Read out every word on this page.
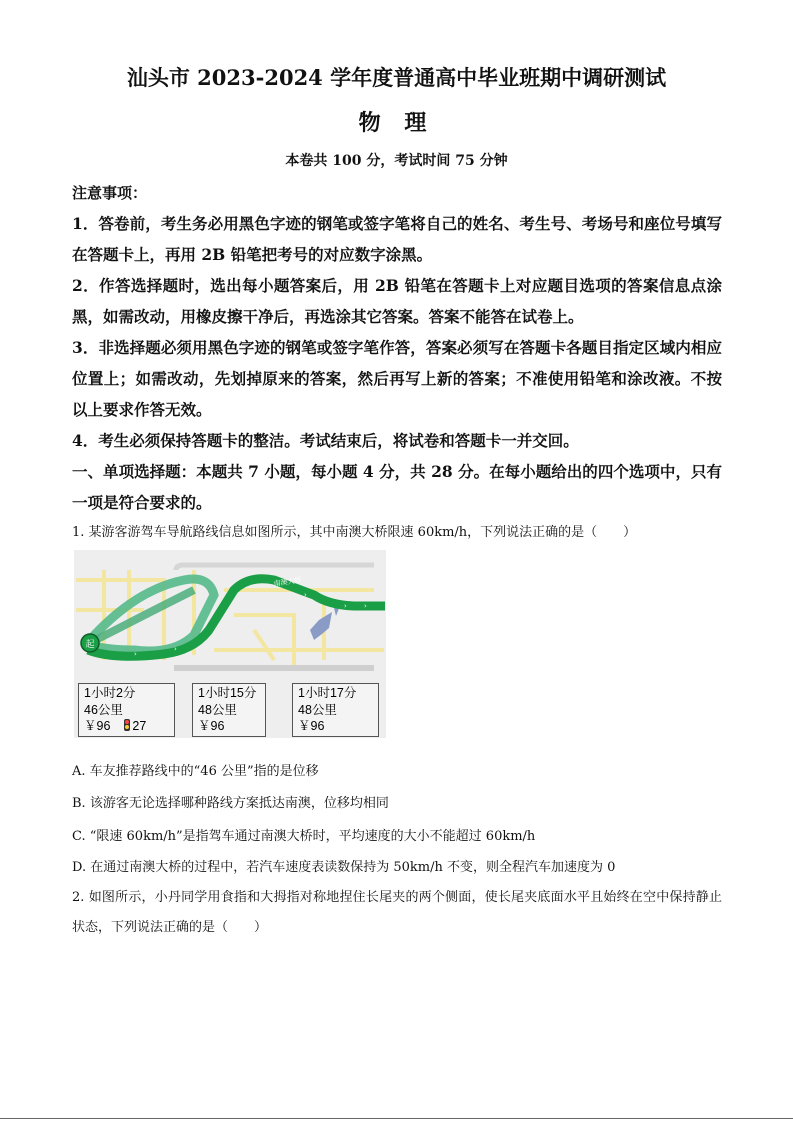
汕头市 2023-2024 学年度普通高中毕业班期中调研测试
物 理
本卷共 100 分，考试时间 75 分钟
注意事项：
1．答卷前，考生务必用黑色字迹的钢笔或签字笔将自己的姓名、考生号、考场号和座位号填写在答题卡上，再用 2B 铅笔把考号的对应数字涂黑。
2．作答选择题时，选出每小题答案后，用 2B 铅笔在答题卡上对应题目选项的答案信息点涂黑，如需改动，用橡皮擦干净后，再选涂其它答案。答案不能答在试卷上。
3．非选择题必须用黑色字迹的钢笔或签字笔作答，答案必须写在答题卡各题目指定区域内相应位置上；如需改动，先划掉原来的答案，然后再写上新的答案；不准使用铅笔和涂改液。不按以上要求作答无效。
4．考生必须保持答题卡的整洁。考试结束后，将试卷和答题卡一并交回。
一、单项选择题：本题共 7 小题，每小题 4 分，共 28 分。在每小题给出的四个选项中，只有一项是符合要求的。
1. 某游客游驾车导航路线信息如图所示，其中南澳大桥限速 60km/h，下列说法正确的是（　　）
起
南澳大桥
›
›
›
› ›
1小时2分
46公里
￥96 27
1小时15分
48公里
￥96
1小时17分
48公里
￥96
A. 车友推荐路线中的“46 公里”指的是位移
B. 该游客无论选择哪种路线方案抵达南澳，位移均相同
C. “限速 60km/h”是指驾车通过南澳大桥时，平均速度的大小不能超过 60km/h
D. 在通过南澳大桥的过程中，若汽车速度表读数保持为 50km/h 不变，则全程汽车加速度为 0
2. 如图所示，小丹同学用食指和大拇指对称地捏住长尾夹的两个侧面，使长尾夹底面水平且始终在空中保持静止状态，下列说法正确的是（　　）
